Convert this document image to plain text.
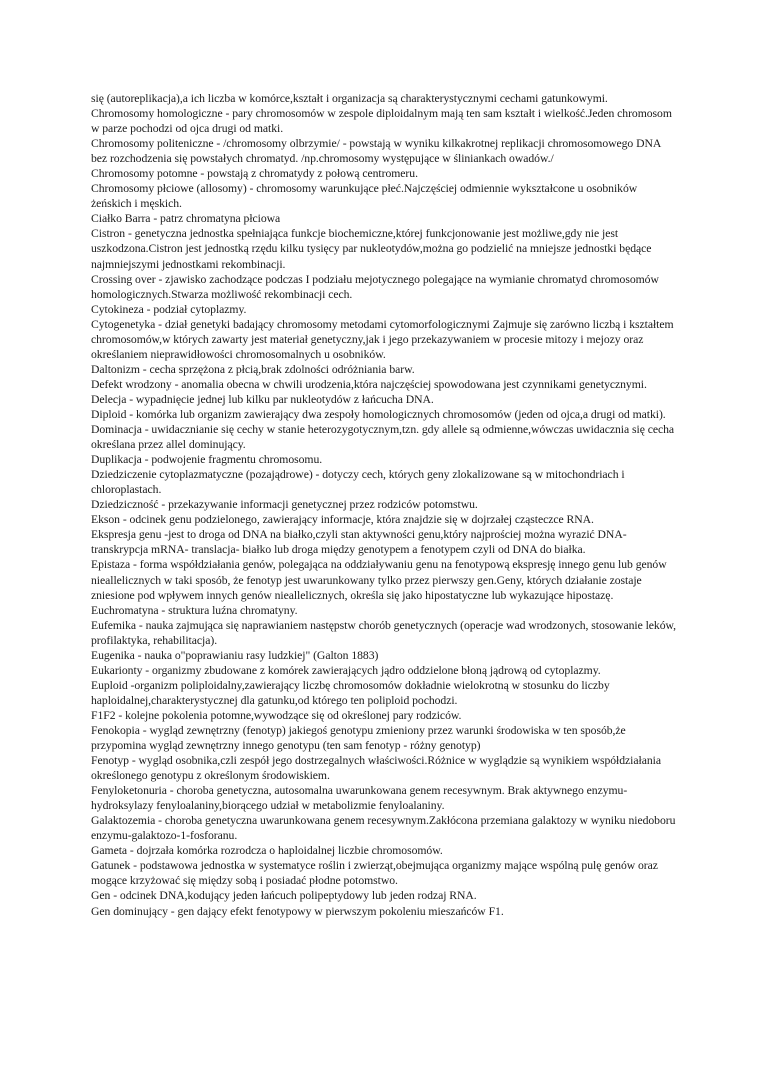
się (autoreplikacja),a ich liczba w komórce,kształt i organizacja są charakterystycznymi cechami gatunkowymi.

Chromosomy homologiczne - pary chromosomów w zespole diploidalnym mają ten sam kształt i wielkość.Jeden chromosom w parze pochodzi od ojca drugi od matki.

Chromosomy politeniczne - /chromosomy olbrzymie/ - powstają w wyniku kilkakrotnej replikacji chromosomowego DNA bez rozchodzenia się powstałych chromatyd. /np.chromosomy występujące w śliniankach owadów./

Chromosomy potomne - powstają z chromatydy z połową centromeru.

Chromosomy płciowe (allosomy) - chromosomy warunkujące płeć.Najczęściej odmiennie wykształcone u osobników żeńskich i męskich.

Ciałko Barra - patrz chromatyna płciowa

Cistron - genetyczna jednostka spełniająca funkcje biochemiczne,której funkcjonowanie jest możliwe,gdy nie jest uszkodzona.Cistron jest jednostką rzędu kilku tysięcy par nukleotydów,można go podzielić na mniejsze jednostki będące najmniejszymi jednostkami rekombinacji.

Crossing over - zjawisko zachodzące podczas I podziału mejotycznego polegające na wymianie chromatyd chromosomów homologicznych.Stwarza możliwość rekombinacji cech.

Cytokineza - podział cytoplazmy.

Cytogenetyka - dział genetyki badający chromosomy metodami cytomorfologicznymi Zajmuje się zarówno liczbą i kształtem chromosomów,w których zawarty jest materiał genetyczny,jak i jego przekazywaniem w procesie mitozy i mejozy oraz określaniem nieprawidłowości chromosomalnych u osobników.

Daltonizm - cecha sprzężona z płcią,brak zdolności odróżniania barw.

Defekt wrodzony - anomalia obecna w chwili urodzenia,która najczęściej spowodowana jest czynnikami genetycznymi.

Delecja - wypadnięcie jednej lub kilku par nukleotydów z łańcucha DNA.

Diploid - komórka lub organizm zawierający dwa zespoły homologicznych chromosomów (jeden od ojca,a drugi od matki).

Dominacja - uwidacznianie się cechy w stanie heterozygotycznym,tzn. gdy allele są odmienne,wówczas uwidacznia się cecha określana przez allel dominujący.

Duplikacja - podwojenie fragmentu chromosomu.

Dziedziczenie cytoplazmatyczne (pozajądrowe) - dotyczy cech, których geny zlokalizowane są w mitochondriach i chloroplastach.

Dziedziczność - przekazywanie informacji genetycznej przez rodziców potomstwu.

Ekson - odcinek genu podzielonego, zawierający informacje, która znajdzie się w dojrzałej cząsteczce RNA.

Ekspresja genu -jest to droga od DNA na białko,czyli stan aktywności genu,który najprościej można wyrazić DNA- transkrypcja mRNA- translacja- białko lub droga między genotypem a fenotypem czyli od DNA do białka.

Epistaza - forma współdziałania genów, polegająca na oddziaływaniu genu na fenotypową ekspresję innego genu lub genów nieallelicznych w taki sposób, że fenotyp jest uwarunkowany tylko przez pierwszy gen.Geny, których działanie zostaje zniesione pod wpływem innych genów nieallelicznych, określa się jako hipostatyczne lub wykazujące hipostazę.

Euchromatyna - struktura luźna chromatyny.

Eufemika - nauka zajmująca się naprawianiem następstw chorób genetycznych (operacje wad wrodzonych, stosowanie leków, profilaktyka, rehabilitacja).

Eugenika - nauka o"poprawianiu rasy ludzkiej" (Galton 1883)

Eukarionty - organizmy zbudowane z komórek zawierających jądro oddzielone błoną jądrową od cytoplazmy.

Euploid -organizm poliploidalny,zawierający liczbę chromosomów dokładnie wielokrotną w stosunku do liczby haploidalnej,charakterystycznej dla gatunku,od którego ten poliploid pochodzi.

F1F2 - kolejne pokolenia potomne,wywodzące się od określonej pary rodziców.

Fenokopia - wygląd zewnętrzny (fenotyp) jakiegoś genotypu zmieniony przez warunki środowiska w ten sposób,że przypomina wygląd zewnętrzny innego genotypu (ten sam fenotyp - różny genotyp)

Fenotyp - wygląd osobnika,czli zespół jego dostrzegalnych właściwości.Różnice w wyglądzie są wynikiem współdziałania określonego genotypu z określonym środowiskiem.

Fenyloketonuria - choroba genetyczna, autosomalna uwarunkowana genem recesywnym. Brak aktywnego enzymu-hydroksylazy fenyloalaniny,biorącego udział w metabolizmie fenyloalaniny.

Galaktozemia - choroba genetyczna uwarunkowana genem recesywnym.Zakłócona przemiana galaktozy w wyniku niedoboru enzymu-galaktozo-1-fosforanu.

Gameta - dojrzała komórka rozrodcza o haploidalnej liczbie chromosomów.

Gatunek - podstawowa jednostka w systematyce roślin i zwierząt,obejmująca organizmy mające wspólną pulę genów oraz mogące krzyżować się między sobą i posiadać płodne potomstwo.

Gen - odcinek DNA,kodujący jeden łańcuch polipeptydowy lub jeden rodzaj RNA.

Gen dominujący - gen dający efekt fenotypowy w pierwszym pokoleniu mieszańców F1.
